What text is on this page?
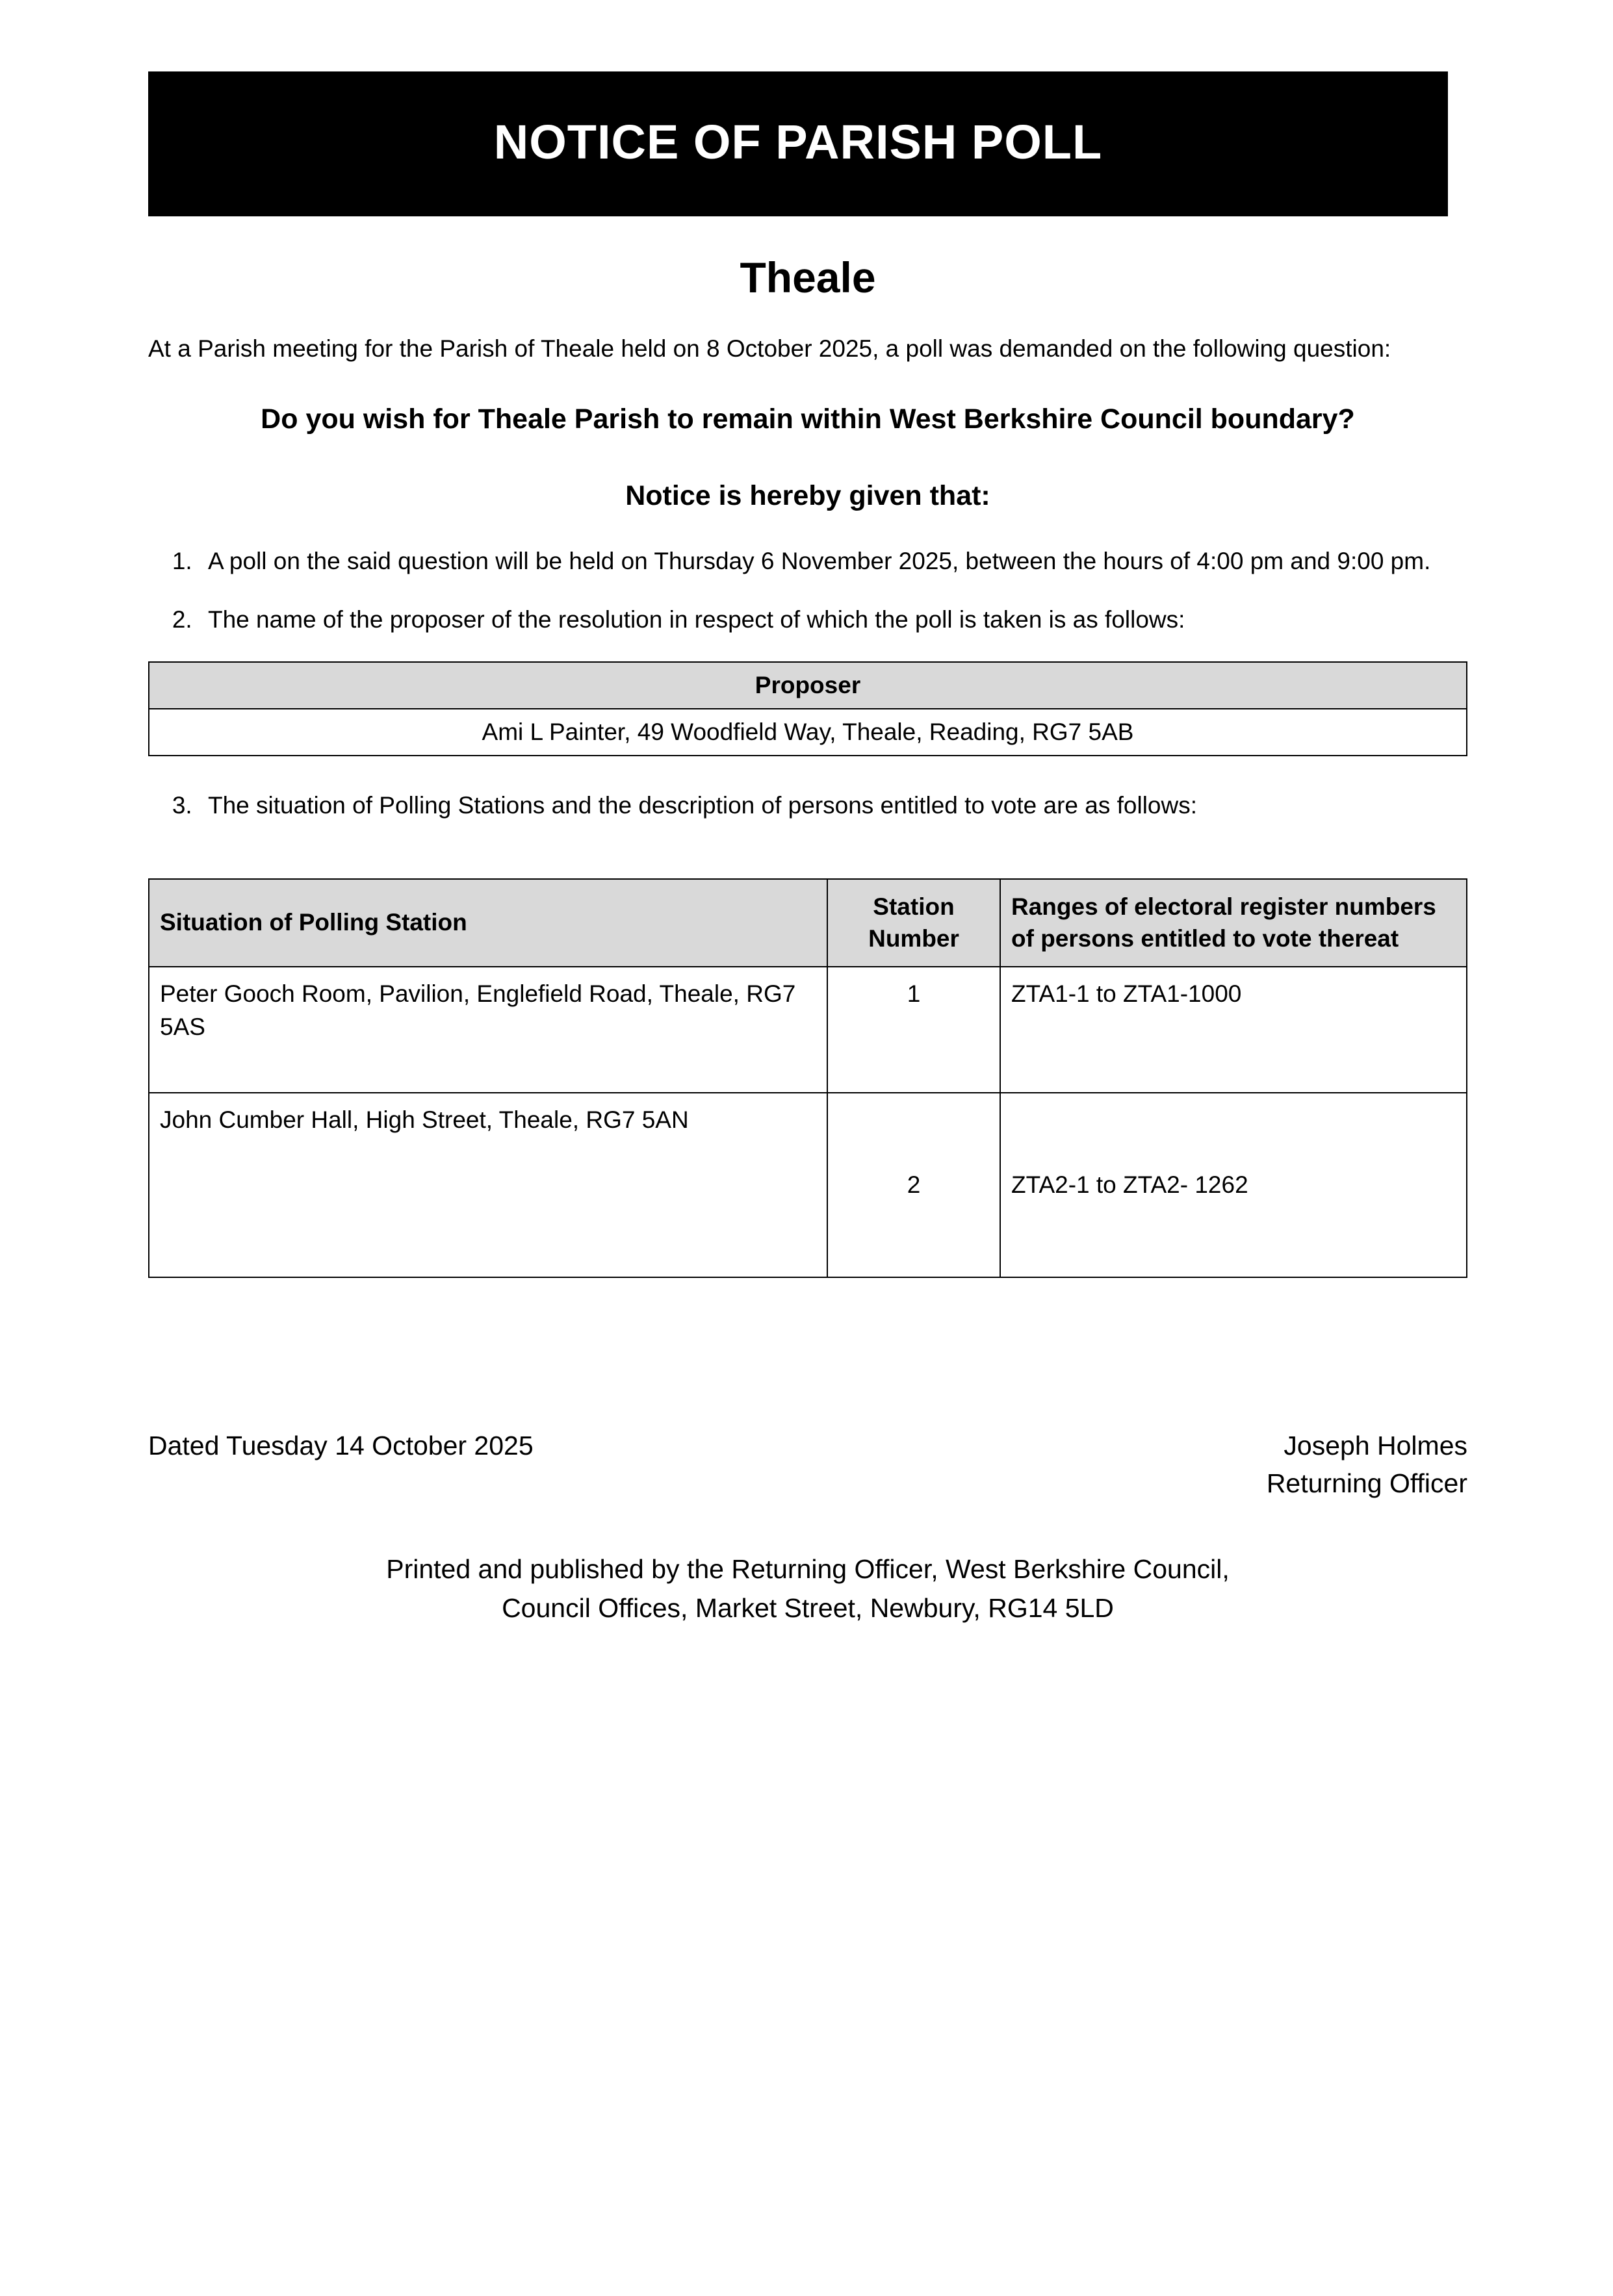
NOTICE OF PARISH POLL
Theale
At a Parish meeting for the Parish of Theale held on 8 October 2025, a poll was demanded on the following question:
Do you wish for Theale Parish to remain within West Berkshire Council boundary?
Notice is hereby given that:
1. A poll on the said question will be held on Thursday 6 November 2025, between the hours of 4:00 pm and 9:00 pm.
2. The name of the proposer of the resolution in respect of which the poll is taken is as follows:
Proposer
Ami L Painter, 49 Woodfield Way, Theale, Reading, RG7 5AB
3. The situation of Polling Stations and the description of persons entitled to vote are as follows:
Situation of Polling Station	Station Number	Ranges of electoral register numbers of persons entitled to vote thereat
Peter Gooch Room, Pavilion, Englefield Road, Theale, RG7 5AS	1	ZTA1-1 to ZTA1-1000
John Cumber Hall, High Street, Theale, RG7 5AN	2	ZTA2-1 to ZTA2- 1262
Dated Tuesday 14 October 2025	Joseph Holmes
Returning Officer
Printed and published by the Returning Officer, West Berkshire Council,
Council Offices, Market Street, Newbury, RG14 5LD
